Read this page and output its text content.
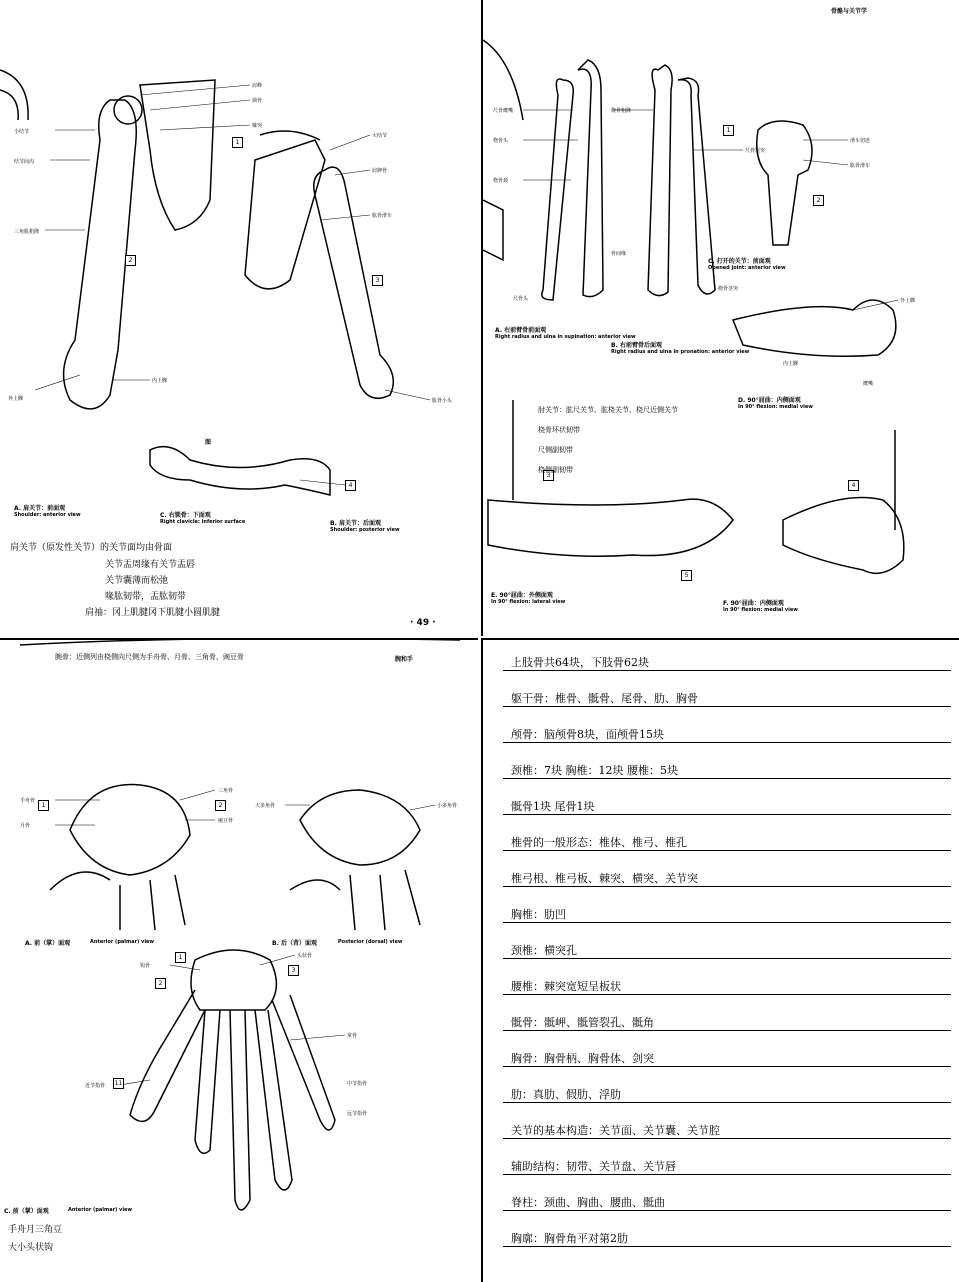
小结节
结节间沟
三角肌粗隆
外上髁
内上髁
肩峰
锁骨
喙突
大结节
肩胛骨
肱骨滑车
肱骨小头
1
2
3
4
图
A. 肩关节：前面观
Shoulder: anterior view	C. 右锁骨：下面观
Right clavicle: inferior surface	B. 肩关节：后面观
Shoulder: posterior view
肩关节（原发性关节）的关节面均由骨面
关节盂周缘有关节盂唇
关节囊薄而松弛
喙肱韧带，盂肱韧带
肩袖：冈上肌腱冈下肌腱小圆肌腱
· 49 ·
骨骼与关节学
尺骨鹰嘴
桡骨头
桡骨颈
桡骨粗隆
尺骨冠突
骨间缘
尺骨头
桡骨茎突
滑车切迹
肱骨滑车
外上髁
内上髁
鹰嘴
1
2
3
4
5
A. 右前臂骨前面观
Right radius and ulna in supination: anterior view
B. 右前臂骨后面观
Right radius and ulna in pronation: anterior view
C. 打开的关节：前面观
Opened joint: anterior view
D. 90°屈曲：内侧面观
In 90° flexion: medial view
E. 90°屈曲：外侧面观
In 90° flexion: lateral view	F. 90°屈曲：内侧面观
In 90° flexion: medial view
肘关节：肱尺关节、肱桡关节、桡尺近侧关节
桡骨环状韧带
尺侧副韧带
桡侧副韧带
腕骨：近侧列由桡侧向尺侧为手舟骨、月骨、三角骨、豌豆骨	腕和手
手舟骨
月骨
三角骨
豌豆骨
大多角骨	小多角骨
头状骨
钩骨
掌骨
近节指骨	中节指骨
远节指骨
1	2
1
2
3
11
A. 前（掌）面观	Anterior (palmar) view	B. 后（背）面观	Posterior (dorsal) view
C. 前（掌）面观	Anterior (palmar) view
手舟月三角豆
大小头状钩
上肢骨共64块，下肢骨62块
躯干骨：椎骨、骶骨、尾骨、肋、胸骨
颅骨：脑颅骨8块，面颅骨15块
颈椎：7块 胸椎：12块 腰椎：5块
骶骨1块 尾骨1块
椎骨的一般形态：椎体、椎弓、椎孔
椎弓根、椎弓板、棘突、横突、关节突
胸椎：肋凹
颈椎：横突孔
腰椎：棘突宽短呈板状
骶骨：骶岬、骶管裂孔、骶角
胸骨：胸骨柄、胸骨体、剑突
肋：真肋、假肋、浮肋
关节的基本构造：关节面、关节囊、关节腔
辅助结构：韧带、关节盘、关节唇
脊柱：颈曲、胸曲、腰曲、骶曲
胸廓：胸骨角平对第2肋
